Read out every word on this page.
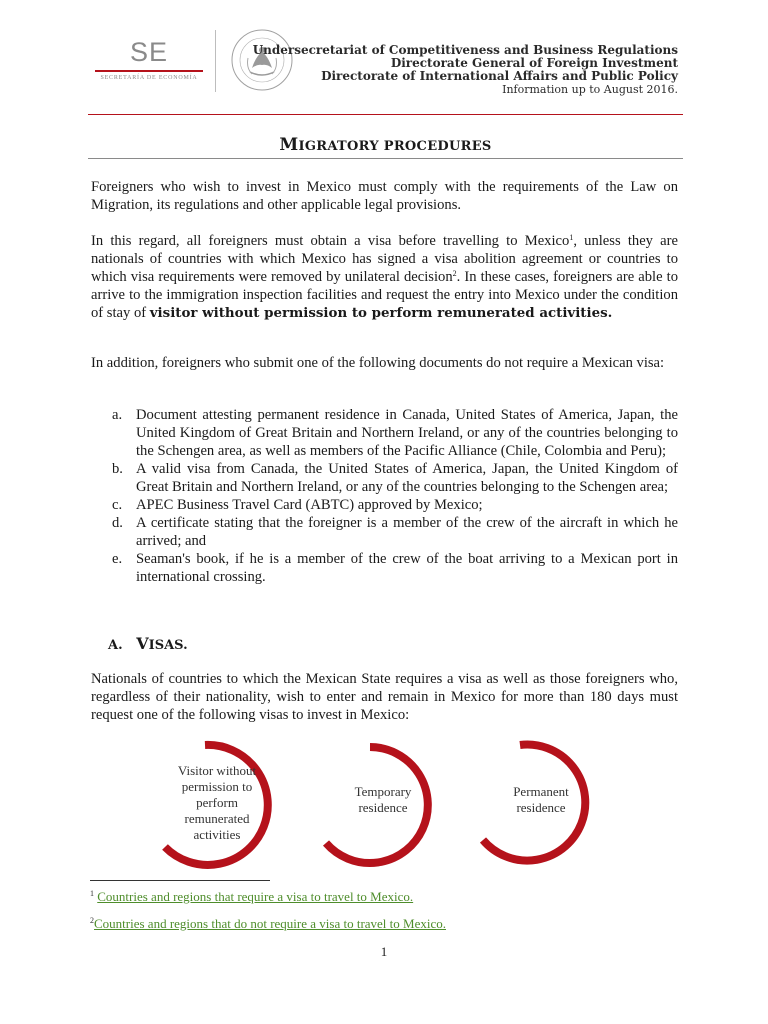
SE
SECRETARÍA DE ECONOMÍA
Undersecretariat of Competitiveness and Business Regulations
Directorate General of Foreign Investment
Directorate of International Affairs and Public Policy
Information up to August 2016.
MIGRATORY PROCEDURES

Foreigners who wish to invest in Mexico must comply with the requirements of the Law on Migration, its regulations and other applicable legal provisions.

In this regard, all foreigners must obtain a visa before travelling to Mexico$^1$, unless they are nationals of countries with which Mexico has signed a visa abolition agreement or countries to which visa requirements were removed by unilateral decision$^2$. In these cases, foreigners are able to arrive to the immigration inspection facilities and request the entry into Mexico under the condition of stay of visitor without permission to perform remunerated activities.

In addition, foreigners who submit one of the following documents do not require a Mexican visa:

a. Document attesting permanent residence in Canada, United States of America, Japan, the United Kingdom of Great Britain and Northern Ireland, or any of the countries belonging to the Schengen area, as well as members of the Pacific Alliance (Chile, Colombia and Peru);
b. A valid visa from Canada, the United States of America, Japan, the United Kingdom of Great Britain and Northern Ireland, or any of the countries belonging to the Schengen area;
c. APEC Business Travel Card (ABTC) approved by Mexico;
d. A certificate stating that the foreigner is a member of the crew of the aircraft in which he arrived; and
e. Seaman's book, if he is a member of the crew of the boat arriving to a Mexican port in international crossing.
A. VISAS.

Nationals of countries to which the Mexican State requires a visa as well as those foreigners who, regardless of their nationality, wish to enter and remain in Mexico for more than 180 days must request one of the following visas to invest in Mexico:

Visitor without
permission to
perform
remunerated
activities
Temporary
residence
Permanent
residence
$^1$ Countries and regions that require a visa to travel to Mexico.
$^2$Countries and regions that do not require a visa to travel to Mexico.
1
